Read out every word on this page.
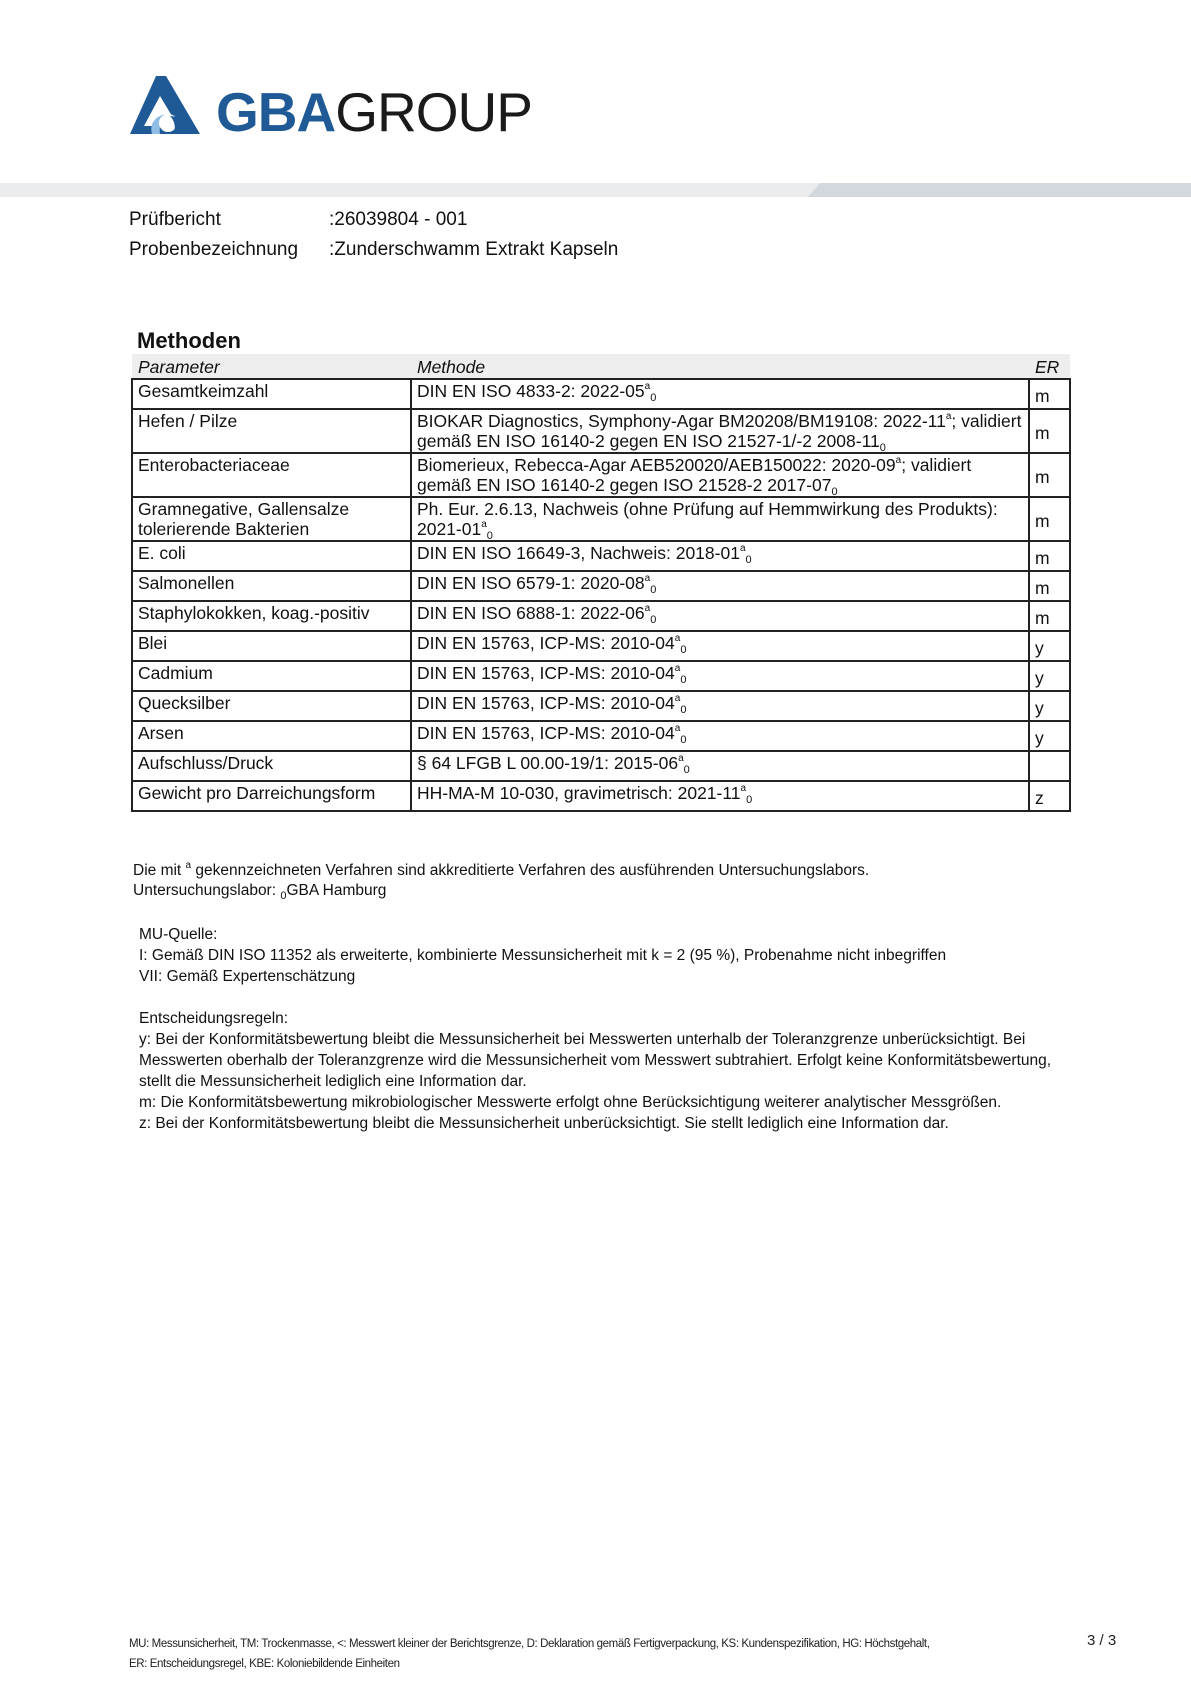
GBAGROUP
Prüfbericht	:26039804 - 001
Probenbezeichnung :Zunderschwamm Extrakt Kapseln
Methoden
Parameter	Methode	ER
Gesamtkeimzahl	DIN EN ISO 4833-2: $2022-05^a_0$	m
Hefen / Pilze	BIOKAR Diagnostics, Symphony-Agar BM20208/BM19108: 2022-11$^a$; validiert gemäß EN ISO 16140-2 gegen EN ISO 21527-1/-2 $2008-11_0$	m
Enterobacteriaceae	Biomerieux, Rebecca-Agar AEB520020/AEB150022: 2020-09$^a$; validiert gemäß EN ISO 16140-2 gegen ISO 21528-2 $2017-07_0$	m
Gramnegative, Gallensalze tolerierende Bakterien	Ph. Eur. 2.6.13, Nachweis (ohne Prüfung auf Hemmwirkung des Produkts): $2021-01^a_0$	m
E. coli	DIN EN ISO 16649-3, Nachweis: $2018-01^a_0$	m
Salmonellen	DIN EN ISO 6579-1: $2020-08^a_0$	m
Staphylokokken, koag.-positiv	DIN EN ISO 6888-1: $2022-06^a_0$	m
Blei	DIN EN 15763, ICP-MS: $2010-04^a_0$	y
Cadmium	DIN EN 15763, ICP-MS: $2010-04^a_0$	y
Quecksilber	DIN EN 15763, ICP-MS: $2010-04^a_0$	y
Arsen	DIN EN 15763, ICP-MS: $2010-04^a_0$	y
Aufschluss/Druck	§ 64 LFGB L 00.00-19/1: $2015-06^a_0$	
Gewicht pro Darreichungsform	HH-MA-M 10-030, gravimetrisch: $2021-11^a_0$	z
Die mit $^a$ gekennzeichneten Verfahren sind akkreditierte Verfahren des ausführenden Untersuchungslabors.
Untersuchungslabor: $_0$GBA Hamburg
MU-Quelle:
I: Gemäß DIN ISO 11352 als erweiterte, kombinierte Messunsicherheit mit k = 2 (95 %), Probenahme nicht inbegriffen
VII: Gemäß Expertenschätzung
Entscheidungsregeln:
y: Bei der Konformitätsbewertung bleibt die Messunsicherheit bei Messwerten unterhalb der Toleranzgrenze unberücksichtigt. Bei Messwerten oberhalb der Toleranzgrenze wird die Messunsicherheit vom Messwert subtrahiert. Erfolgt keine Konformitätsbewertung, stellt die Messunsicherheit lediglich eine Information dar.
m: Die Konformitätsbewertung mikrobiologischer Messwerte erfolgt ohne Berücksichtigung weiterer analytischer Messgrößen.
z: Bei der Konformitätsbewertung bleibt die Messunsicherheit unberücksichtigt. Sie stellt lediglich eine Information dar.
MU: Messunsicherheit, TM: Trockenmasse, <: Messwert kleiner der Berichtsgrenze, D: Deklaration gemäß Fertigverpackung, KS: Kundenspezifikation, HG: Höchstgehalt,
ER: Entscheidungsregel, KBE: Koloniebildende Einheiten
3 / 3
